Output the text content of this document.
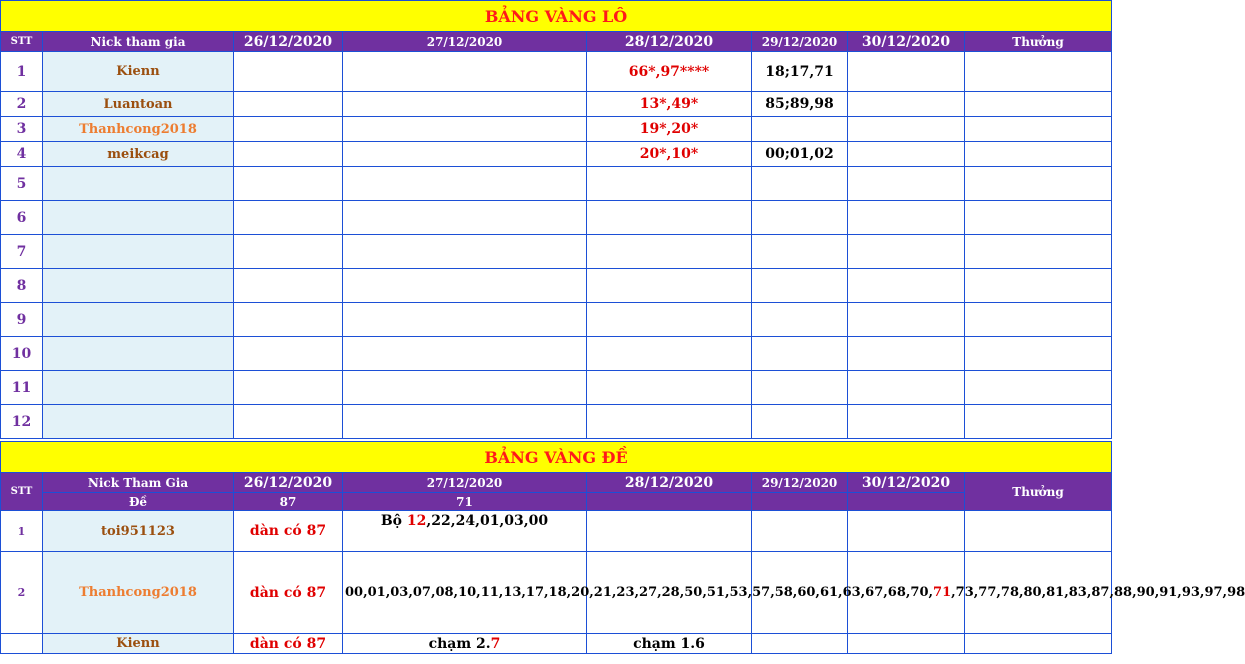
BẢNG VÀNG LÔ							
STT	Nick tham gia	26/12/2020	27/12/2020	28/12/2020	29/12/2020	30/12/2020	Thưởng
1	Kienn			66*,97****	18;17,71		
2	Luantoan			13*,49*	85;89,98		
3	Thanhcong2018			19*,20*			
4	meikcag			20*,10*	00;01,02		
5							
6							
7							
8							
9							
10							
11							
12							
BẢNG VÀNG ĐỀ							
STT	Nick Tham Gia	26/12/2020	27/12/2020	28/12/2020	29/12/2020	30/12/2020	Thưởng
	Đề	87	71				
1	toi951123	dàn có 87	Bộ 12,22,24,01,03,00				
2	Thanhcong2018	dàn có 87	00,01,03,07,08,10,11,13,17,18,20,21,23,27,28,50,51,53,57,58,60,61,63,67,68,70,71,73,77,78,80,81,83,87,88,90,91,93,97,98				
	Kienn	dàn có 87	chạm 2.7	chạm 1.6			
